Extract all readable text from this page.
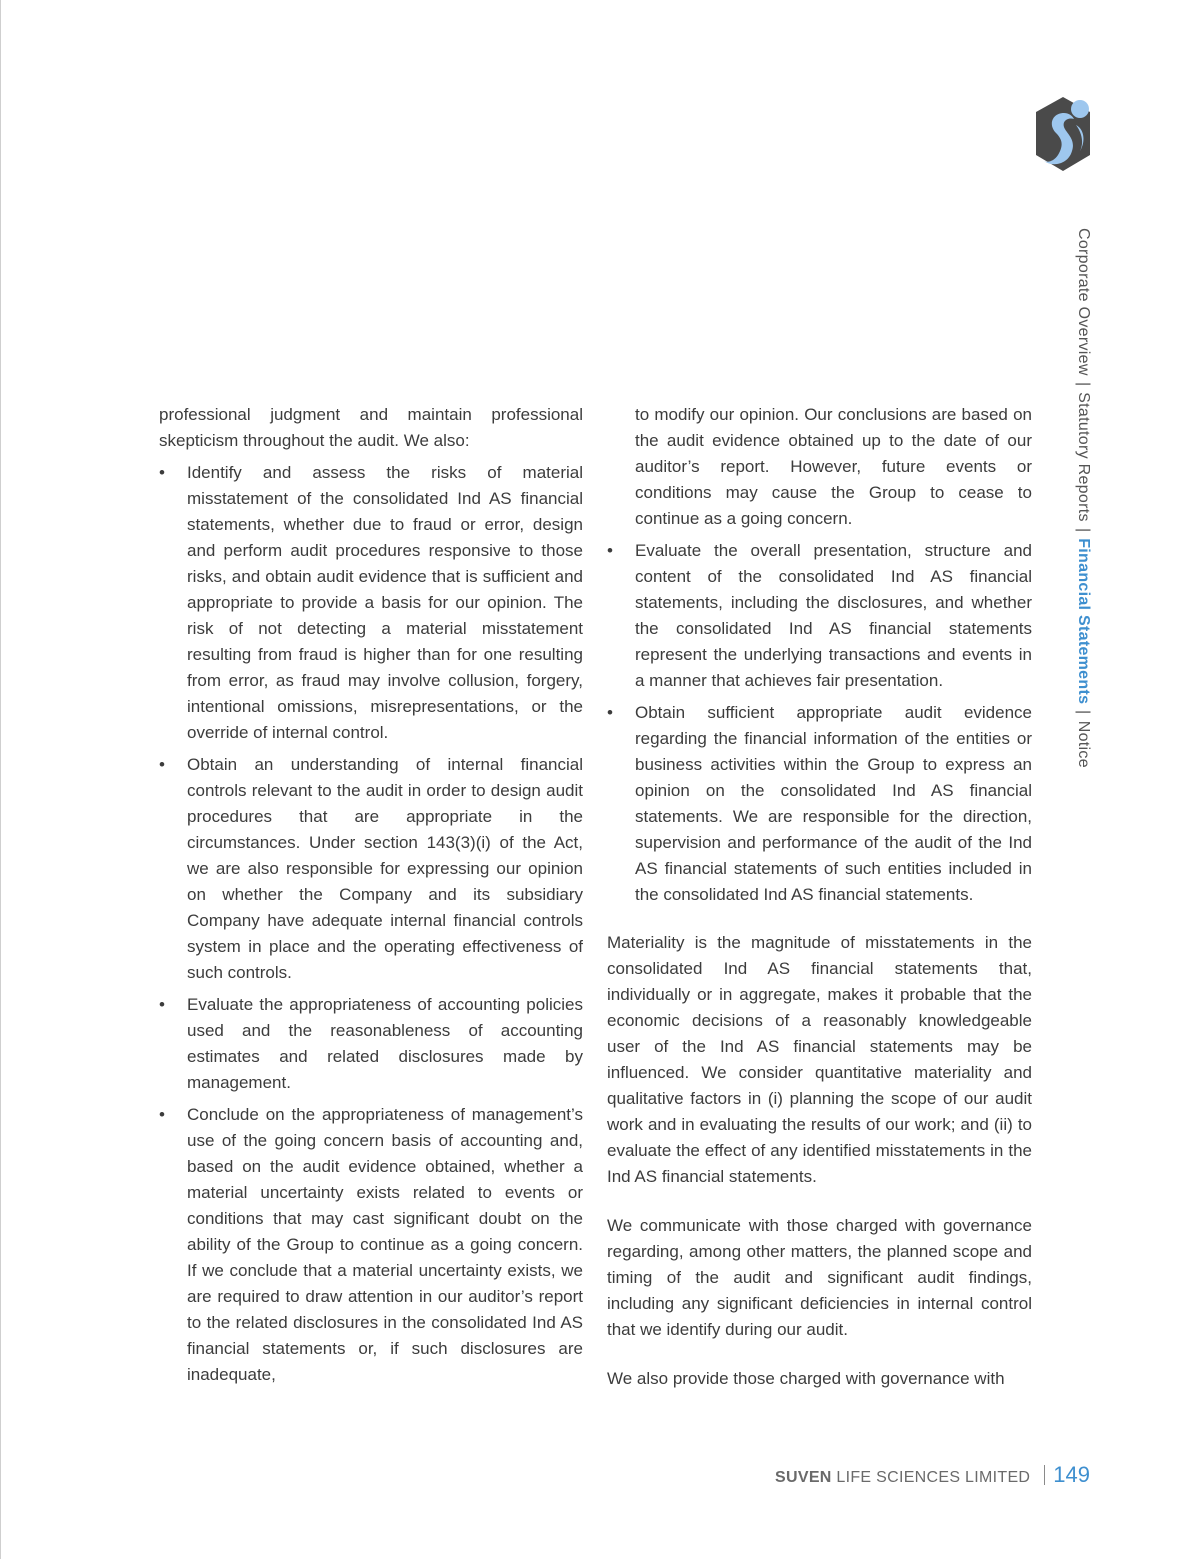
Corporate Overview|Statutory Reports|Financial Statements|Notice

professional judgment and maintain professional skepticism throughout the audit. We also:

• Identify and assess the risks of material misstatement of the consolidated Ind AS financial statements, whether due to fraud or error, design and perform audit procedures responsive to those risks, and obtain audit evidence that is sufficient and appropriate to provide a basis for our opinion. The risk of not detecting a material misstatement resulting from fraud is higher than for one resulting from error, as fraud may involve collusion, forgery, intentional omissions, misrepresentations, or the override of internal control.
• Obtain an understanding of internal financial controls relevant to the audit in order to design audit procedures that are appropriate in the circumstances. Under section 143(3)(i) of the Act, we are also responsible for expressing our opinion on whether the Company and its subsidiary Company have adequate internal financial controls system in place and the operating effectiveness of such controls.
• Evaluate the appropriateness of accounting policies used and the reasonableness of accounting estimates and related disclosures made by management.
• Conclude on the appropriateness of management’s use of the going concern basis of accounting and, based on the audit evidence obtained, whether a material uncertainty exists related to events or conditions that may cast significant doubt on the ability of the Group to continue as a going concern. If we conclude that a material uncertainty exists, we are required to draw attention in our auditor’s report to the related disclosures in the consolidated Ind AS financial statements or, if such disclosures are inadequate,

to modify our opinion. Our conclusions are based on the audit evidence obtained up to the date of our auditor’s report. However, future events or conditions may cause the Group to cease to continue as a going concern.

• Evaluate the overall presentation, structure and content of the consolidated Ind AS financial statements, including the disclosures, and whether the consolidated Ind AS financial statements represent the underlying transactions and events in a manner that achieves fair presentation.
• Obtain sufficient appropriate audit evidence regarding the financial information of the entities or business activities within the Group to express an opinion on the consolidated Ind AS financial statements. We are responsible for the direction, supervision and performance of the audit of the Ind AS financial statements of such entities included in the consolidated Ind AS financial statements.

Materiality is the magnitude of misstatements in the consolidated Ind AS financial statements that, individually or in aggregate, makes it probable that the economic decisions of a reasonably knowledgeable user of the Ind AS financial statements may be influenced. We consider quantitative materiality and qualitative factors in (i) planning the scope of our audit work and in evaluating the results of our work; and (ii) to evaluate the effect of any identified misstatements in the Ind AS financial statements.

We communicate with those charged with governance regarding, among other matters, the planned scope and timing of the audit and significant audit findings, including any significant deficiencies in internal control that we identify during our audit.

We also provide those charged with governance with

SUVEN LIFE SCIENCES LIMITED 149
